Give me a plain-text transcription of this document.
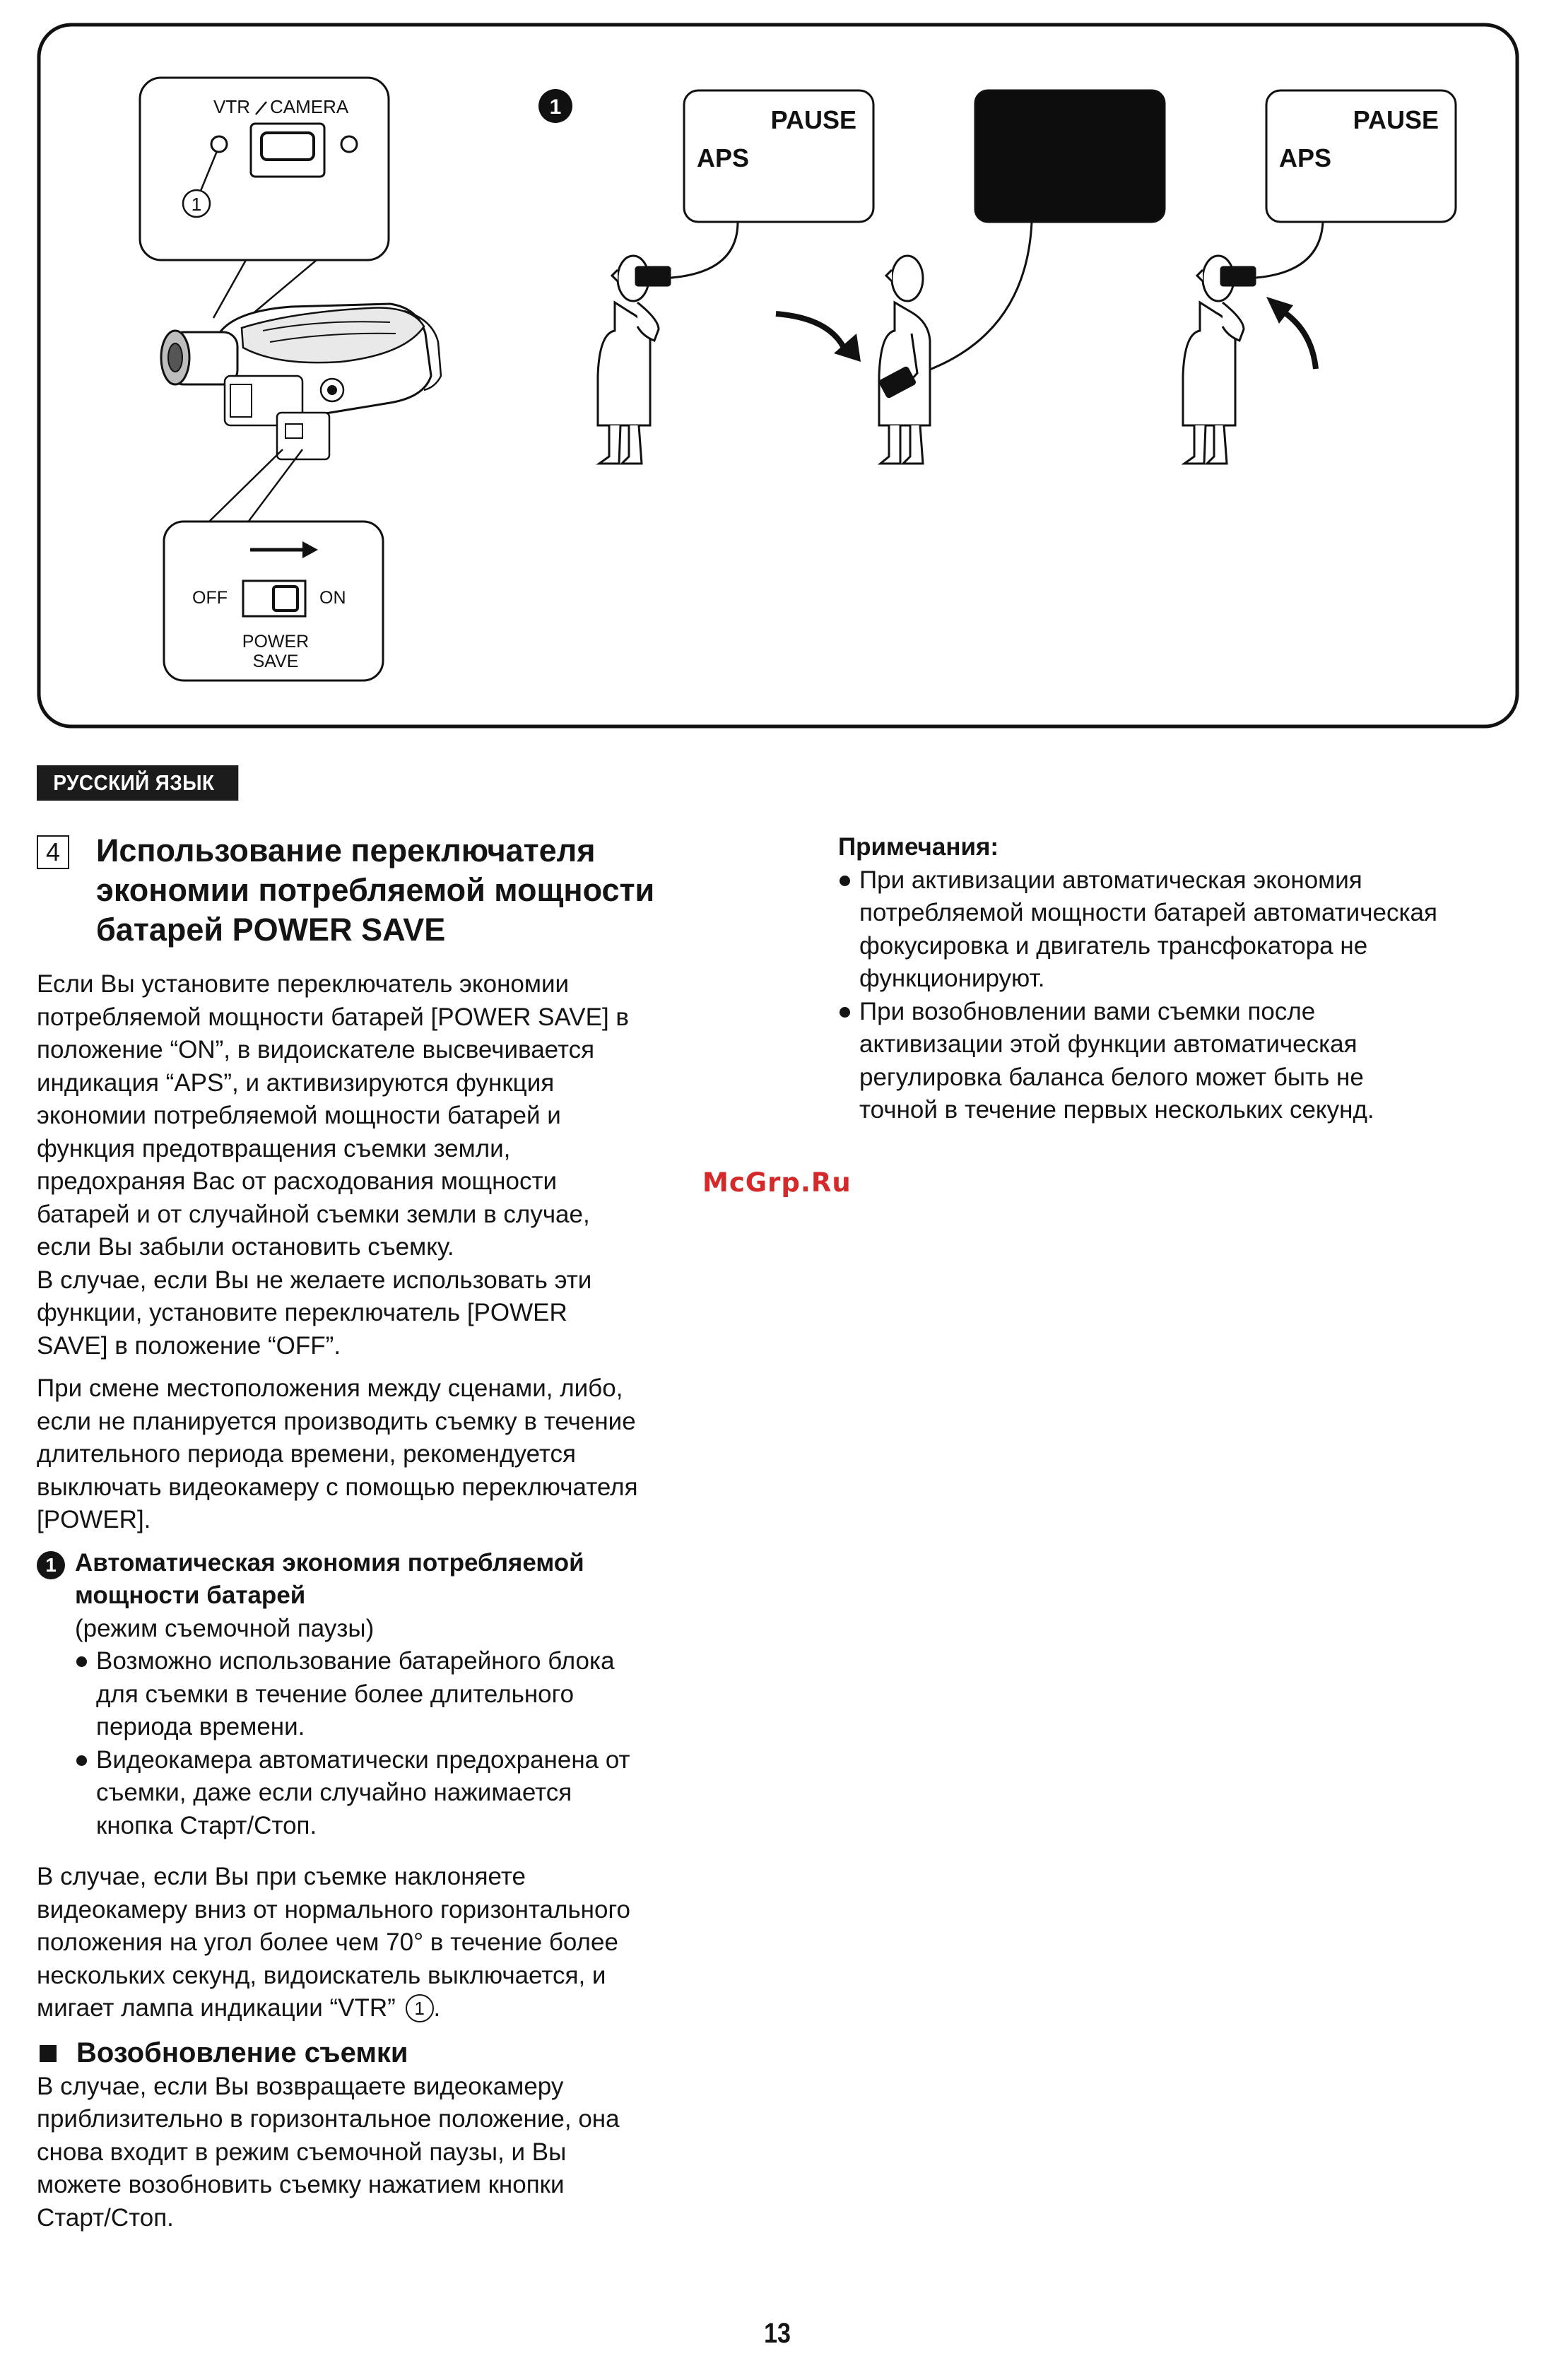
VTR CAMERA
1
OFF	ON
POWER
SAVE
1	PAUSE
APS
PAUSE
APS
РУССКИЙ ЯЗЫК
4 Использование переключателя
экономии потребляемой мощности
батарей POWER SAVE

Если Вы установите переключатель экономии
потребляемой мощности батарей [POWER SAVE] в
положение “ON”, в видоискателе высвечивается
индикация “APS”, и активизируются функция
экономии потребляемой мощности батарей и
функция предотвращения съемки земли,
предохраняя Вас от расходования мощности
батарей и от случайной съемки земли в случае,
если Вы забыли остановить съемку.
В случае, если Вы не желаете использовать эти
функции, установите переключатель [POWER
SAVE] в положение “OFF”.

При смене местоположения между сценами, либо,
если не планируется производить съемку в течение
длительного периода времени, рекомендуется
выключать видеокамеру с помощью переключателя
[POWER].

1 Автоматическая экономия потребляемой
мощности батарей
(режим съемочной паузы)
Возможно использование батарейного блока
для съемки в течение более длительного
периода времени.
Видеокамера автоматически предохранена от
съемки, даже если случайно нажимается
кнопка Старт/Стоп.

В случае, если Вы при съемке наклоняете
видеокамеру вниз от нормального горизонтального
положения на угол более чем 70° в течение более
нескольких секунд, видоискатель выключается, и
мигает лампа индикации “VTR” 1 .

Возобновление съемки

В случае, если Вы возвращаете видеокамеру
приблизительно в горизонтальное положение, она
снова входит в режим съемочной паузы, и Вы
можете возобновить съемку нажатием кнопки
Старт/Стоп.

Примечания:
При активизации автоматическая экономия
потребляемой мощности батарей автоматическая
фокусировка и двигатель трансфокатора не
функционируют.
При возобновлении вами съемки после
активизации этой функции автоматическая
регулировка баланса белого может быть не
точной в течение первых нескольких секунд.
McGrp.Ru
13
